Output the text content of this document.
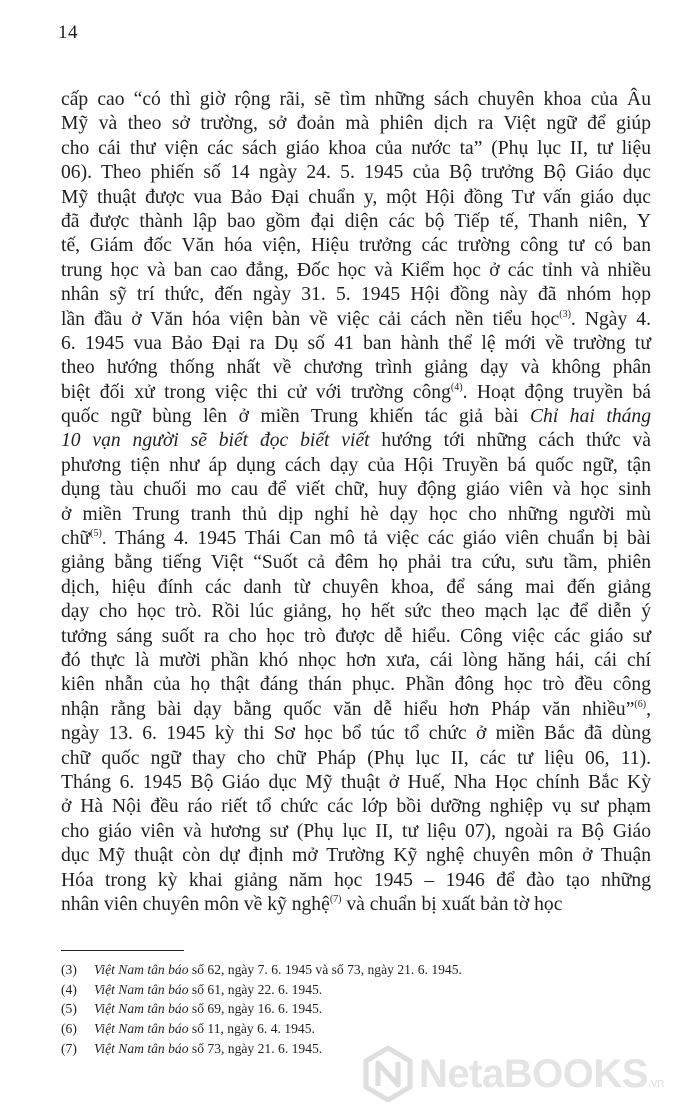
14
cấp cao “có thì giờ rộng rãi, sẽ tìm những sách chuyên khoa của Âu
Mỹ và theo sở trường, sở đoản mà phiên dịch ra Việt ngữ để giúp
cho cái thư viện các sách giáo khoa của nước ta” (Phụ lục II, tư liệu
06). Theo phiến số 14 ngày 24. 5. 1945 của Bộ trưởng Bộ Giáo dục
Mỹ thuật được vua Bảo Đại chuẩn y, một Hội đồng Tư vấn giáo dục
đã được thành lập bao gồm đại diện các bộ Tiếp tế, Thanh niên, Y
tế, Giám đốc Văn hóa viện, Hiệu trưởng các trường công tư có ban
trung học và ban cao đẳng, Đốc học và Kiểm học ở các tỉnh và nhiều
nhân sỹ trí thức, đến ngày 31. 5. 1945 Hội đồng này đã nhóm họp
lần đầu ở Văn hóa viện bàn về việc cải cách nền tiểu học$^{(3)}$. Ngày 4.
6. 1945 vua Bảo Đại ra Dụ số 41 ban hành thể lệ mới về trường tư
theo hướng thống nhất về chương trình giảng dạy và không phân
biệt đối xử trong việc thi cử với trường công$^{(4)}$. Hoạt động truyền bá
quốc ngữ bùng lên ở miền Trung khiến tác giả bài Chỉ hai tháng
10 vạn người sẽ biết đọc biết viết hướng tới những cách thức và
phương tiện như áp dụng cách dạy của Hội Truyền bá quốc ngữ, tận
dụng tàu chuối mo cau để viết chữ, huy động giáo viên và học sinh
ở miền Trung tranh thủ dịp nghỉ hè dạy học cho những người mù
chữ$^{(5)}$. Tháng 4. 1945 Thái Can mô tả việc các giáo viên chuẩn bị bài
giảng bằng tiếng Việt “Suốt cả đêm họ phải tra cứu, sưu tầm, phiên
dịch, hiệu đính các danh từ chuyên khoa, để sáng mai đến giảng
dạy cho học trò. Rồi lúc giảng, họ hết sức theo mạch lạc để diễn ý
tưởng sáng suốt ra cho học trò được dễ hiểu. Công việc các giáo sư
đó thực là mười phần khó nhọc hơn xưa, cái lòng hăng hái, cái chí
kiên nhẫn của họ thật đáng thán phục. Phần đông học trò đều công
nhận rằng bài dạy bằng quốc văn dễ hiểu hơn Pháp văn nhiều”$^{(6)}$,
ngày 13. 6. 1945 kỳ thi Sơ học bổ túc tổ chức ở miền Bắc đã dùng
chữ quốc ngữ thay cho chữ Pháp (Phụ lục II, các tư liệu 06, 11).
Tháng 6. 1945 Bộ Giáo dục Mỹ thuật ở Huế, Nha Học chính Bắc Kỳ
ở Hà Nội đều ráo riết tổ chức các lớp bồi dưỡng nghiệp vụ sư phạm
cho giáo viên và hương sư (Phụ lục II, tư liệu 07), ngoài ra Bộ Giáo
dục Mỹ thuật còn dự định mở Trường Kỹ nghệ chuyên môn ở Thuận
Hóa trong kỳ khai giảng năm học 1945 – 1946 để đào tạo những
nhân viên chuyên môn về kỹ nghệ$^{(7)}$ và chuẩn bị xuất bản tờ học
(3) Việt Nam tân báo số 62, ngày 7. 6. 1945 và số 73, ngày 21. 6. 1945.
(4) Việt Nam tân báo số 61, ngày 22. 6. 1945.
(5) Việt Nam tân báo số 69, ngày 16. 6. 1945.
(6) Việt Nam tân báo số 11, ngày 6. 4. 1945.
(7) Việt Nam tân báo số 73, ngày 21. 6. 1945.
NetaBOOKS.vn
